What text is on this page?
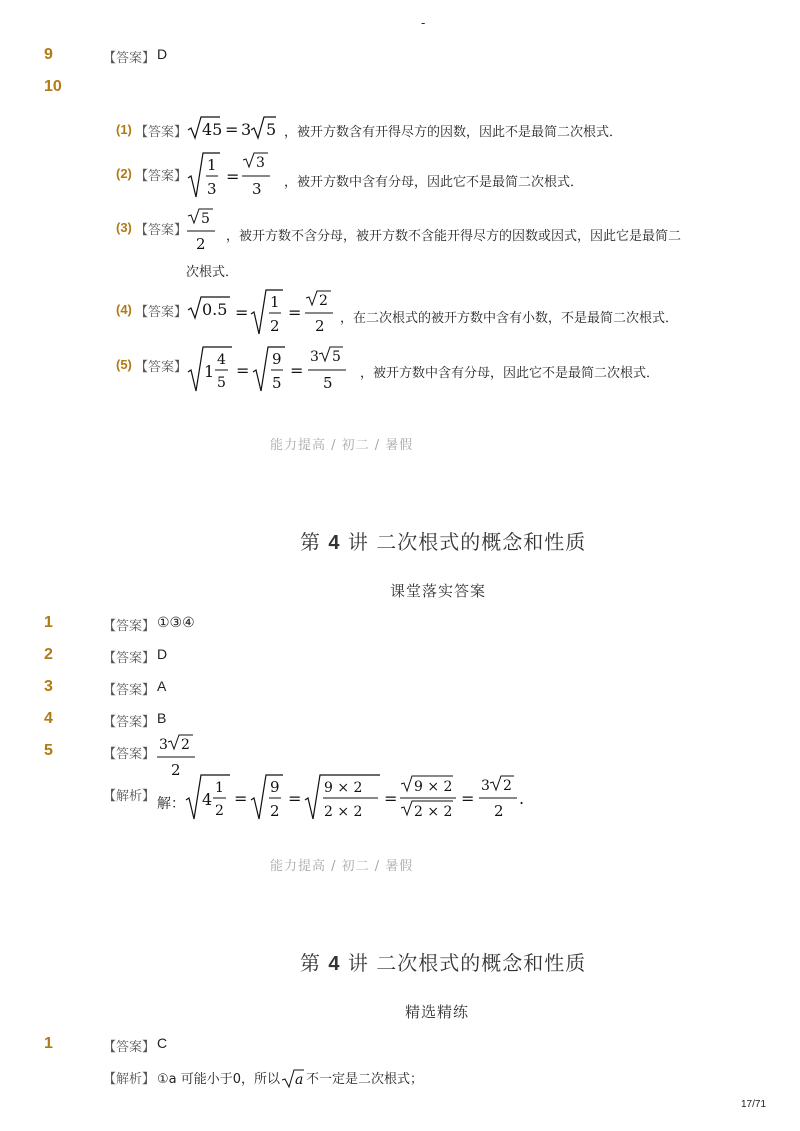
-
9	【答案】 D
10
(1) 【答案】 45 = 3 5 ，被开方数含有开得尽方的因数，因此不是最简二次根式．
(2) 【答案】
1
3
=
3
3 ，被开方数中含有分母，因此它不是最简二次根式．
(3) 【答案】
5
2 ，被开方数不含分母，被开方数不含能开得尽方的因数或因式，因此它是最简二
次根式．
(4) 【答案】 0.5 =
1
2
=
2
2 ，在二次根式的被开方数中含有小数，不是最简二次根式．
(5) 【答案】 1
4
5
=
9
5
=
3 5
5
，被开方数中含有分母，因此它不是最简二次根式．
能力提高 / 初二 / 暑假
第 4 讲 二次根式的概念和性质
课堂落实答案
1	【答案】 ①③④
2	【答案】 D
3	【答案】 A
4	【答案】 B
5	【答案】
3 2
2
【解析】 解： 4
1
2
=
9
2
=
9 × 2
2 × 2
=
9 × 2
2 × 2
=
3 2
2
.
能力提高 / 初二 / 暑假
第 4 讲 二次根式的概念和性质
精选精练
1	【答案】 C
【解析】 ①a 可能小于0，所以 a 不一定是二次根式；
17/71
